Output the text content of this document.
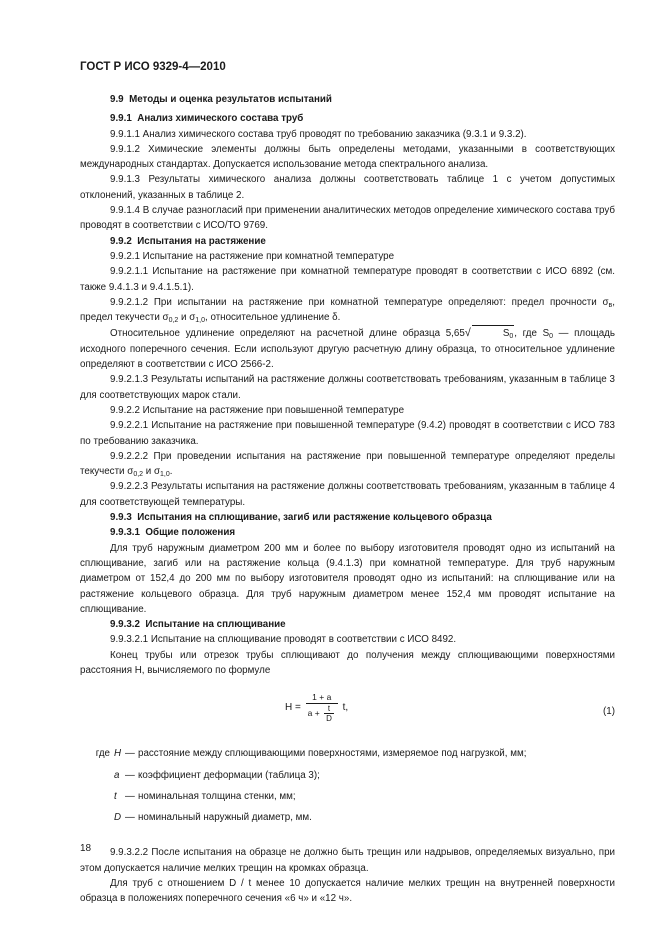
ГОСТ Р ИСО 9329-4—2010

9.9 Методы и оценка результатов испытаний

9.9.1 Анализ химического состава труб

9.9.1.1 Анализ химического состава труб проводят по требованию заказчика (9.3.1 и 9.3.2).

9.9.1.2 Химические элементы должны быть определены методами, указанными в соответствующих международных стандартах. Допускается использование метода спектрального анализа.

9.9.1.3 Результаты химического анализа должны соответствовать таблице 1 с учетом допустимых отклонений, указанных в таблице 2.

9.9.1.4 В случае разногласий при применении аналитических методов определение химического состава труб проводят в соответствии с ИСО/ТО 9769.

9.9.2 Испытания на растяжение

9.9.2.1 Испытание на растяжение при комнатной температуре

9.9.2.1.1 Испытание на растяжение при комнатной температуре проводят в соответствии с ИСО 6892 (см. также 9.4.1.3 и 9.4.1.5.1).

9.9.2.1.2 При испытании на растяжение при комнатной температуре определяют: предел прочности $\sigma_в$, предел текучести $\sigma_{0,2}$ и $\sigma_{1,0}$, относительное удлинение δ.

Относительное удлинение определяют на расчетной длине образца 5,65√	$S_0$, где $S_0$ — площадь исходного поперечного сечения. Если используют другую расчетную длину образца, то относительное удлинение определяют в соответствии с ИСО 2566-2.

9.9.2.1.3 Результаты испытаний на растяжение должны соответствовать требованиям, указанным в таблице 3 для соответствующих марок стали.

9.9.2.2 Испытание на растяжение при повышенной температуре

9.9.2.2.1 Испытание на растяжение при повышенной температуре (9.4.2) проводят в соответствии с ИСО 783 по требованию заказчика.

9.9.2.2.2 При проведении испытания на растяжение при повышенной температуре определяют пределы текучести $\sigma_{0,2}$ и $\sigma_{1,0}$.

9.9.2.2.3 Результаты испытания на растяжение должны соответствовать требованиям, указанным в таблице 4 для соответствующей температуры.

9.9.3 Испытания на сплющивание, загиб или растяжение кольцевого образца

9.9.3.1 Общие положения

Для труб наружным диаметром 200 мм и более по выбору изготовителя проводят одно из испытаний на сплющивание, загиб или на растяжение кольца (9.4.1.3) при комнатной температуре. Для труб наружным диаметром от 152,4 до 200 мм по выбору изготовителя проводят одно из испытаний: на сплющивание или на растяжение кольцевого образца. Для труб наружным диаметром менее 152,4 мм проводят испытание на сплющивание.

9.9.3.2 Испытание на сплющивание

9.9.3.2.1 Испытание на сплющивание проводят в соответствии с ИСО 8492.

Конец трубы или отрезок трубы сплющивают до получения между сплющивающими поверхностями расстояния H, вычисляемого по формуле

$H = \frac{1 + a}{a + \frac{t}{D}} t$,	(1)
где H — расстояние между сплющивающими поверхностями, измеряемое под нагрузкой, мм;
a — коэффициент деформации (таблица 3);
t — номинальная толщина стенки, мм;
D — номинальный наружный диаметр, мм.

9.9.3.2.2 После испытания на образце не должно быть трещин или надрывов, определяемых визуально, при этом допускается наличие мелких трещин на кромках образца.

Для труб с отношением D / t менее 10 допускается наличие мелких трещин на внутренней поверхности образца в положениях поперечного сечения «6 ч» и «12 ч».

18
